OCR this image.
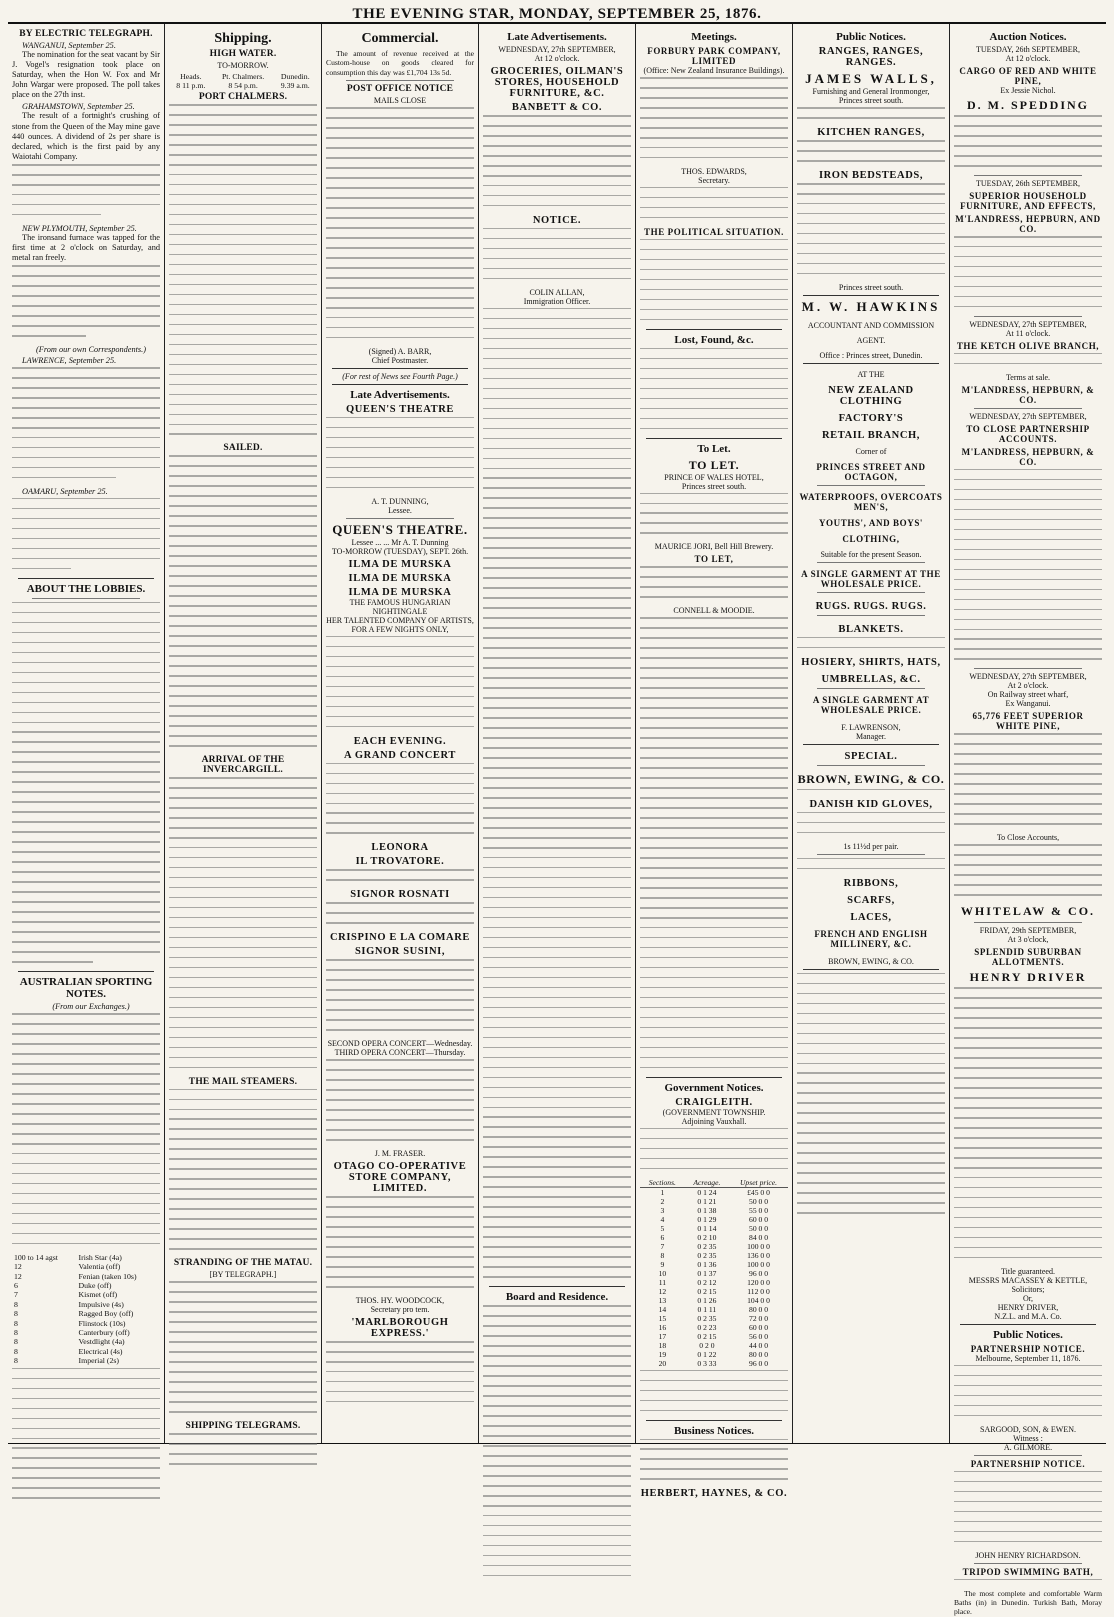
THE EVENING STAR, MONDAY, SEPTEMBER 25, 1876.
BY ELECTRIC TELEGRAPH.
WANGANUI, September 25.
The nomination for the seat vacant by Sir J. Vogel's resignation took place on Saturday, when the Hon W. Fox and Mr John Wargar were proposed. The poll takes place on the 27th inst.
GRAHAMSTOWN, September 25.
The result of a fortnight's crushing of stone from the Queen of the May mine gave 440 ounces. A dividend of 2s per share is declared, which is the first paid by any Waiotahi Company.
NEW PLYMOUTH, September 25.
The ironsand furnace was tapped for the first time at 2 o'clock on Saturday, and metal ran freely.
(From our own Correspondents.)
LAWRENCE, September 25.
OAMARU, September 25.
ABOUT THE LOBBIES.
AUSTRALIAN SPORTING NOTES.
(From our Exchanges.)
100 to 14 agst	Irish Star (4a)
12	Valentia (off)
12	Fenian (taken 10s)
6	Duke (off)
7	Kismet (off)
8	Impulsive (4s)
8	Ragged Boy (off)
8	Flinstock (10s)
8	Canterbury (off)
8	Vestdlight (4a)
8	Electrical (4s)
8	Imperial (2s)
Shipping.
HIGH WATER.
TO-MORROW.
Heads.	Pt. Chalmers.	Dunedin.
8 11 p.m.	8 54 p.m.	9.39 a.m.
PORT CHALMERS.
SAILED.
ARRIVAL OF THE INVERCARGILL.
THE MAIL STEAMERS.
STRANDING OF THE MATAU.
[BY TELEGRAPH.]
SHIPPING TELEGRAMS.
Commercial.
The amount of revenue received at the Custom-house on goods cleared for consumption this day was £1,704 13s 5d.
POST OFFICE NOTICE
MAILS CLOSE
(Signed) A. BARR,
Chief Postmaster.
(For rest of News see Fourth Page.)
Late Advertisements.
QUEEN'S THEATRE
A. T. DUNNING,
Lessee.
QUEEN'S THEATRE.
Lessee ... ... Mr A. T. Dunning
TO-MORROW (TUESDAY), SEPT. 26th.
ILMA DE MURSKA
ILMA DE MURSKA
ILMA DE MURSKA
THE FAMOUS HUNGARIAN NIGHTINGALE
HER TALENTED COMPANY OF ARTISTS,
FOR A FEW NIGHTS ONLY,
EACH EVENING.
A GRAND CONCERT
LEONORA
IL TROVATORE.
SIGNOR ROSNATI
CRISPINO E LA COMARE
SIGNOR SUSINI,
SECOND OPERA CONCERT—Wednesday.
THIRD OPERA CONCERT—Thursday.
J. M. FRASER.
OTAGO CO-OPERATIVE STORE COMPANY, LIMITED.
THOS. HY. WOODCOCK,
Secretary pro tem.
'MARLBOROUGH EXPRESS.'
Late Advertisements.
WEDNESDAY, 27th SEPTEMBER,
At 12 o'clock.
GROCERIES, OILMAN'S STORES, HOUSEHOLD FURNITURE, &C.
BANBETT & CO.
NOTICE.
COLIN ALLAN,
Immigration Officer.
Board and Residence.
Meetings.
FORBURY PARK COMPANY, LIMITED
(Office: New Zealand Insurance Buildings).
THOS. EDWARDS,
Secretary.
THE POLITICAL SITUATION.
Lost, Found, &c.
To Let.
TO LET.
PRINCE OF WALES HOTEL,
Princes street south.
MAURICE JORI, Bell Hill Brewery.
TO LET,
CONNELL & MOODIE.
Government Notices.
CRAIGLEITH.
(GOVERNMENT TOWNSHIP.
Adjoining Vauxhall.
Sections.	Acreage.	Upset price.
1	0 1 24	£45 0 0
2	0 1 21	50 0 0
3	0 1 38	55 0 0
4	0 1 29	60 0 0
5	0 1 14	50 0 0
6	0 2 10	84 0 0
7	0 2 35	100 0 0
8	0 2 35	136 0 0
9	0 1 36	100 0 0
10	0 1 37	96 0 0
11	0 2 12	120 0 0
12	0 2 15	112 0 0
13	0 1 26	104 0 0
14	0 1 11	80 0 0
15	0 2 35	72 0 0
16	0 2 23	60 0 0
17	0 2 15	56 0 0
18	0 2 0	44 0 0
19	0 1 22	80 0 0
20	0 3 33	96 0 0
Business Notices.
HERBERT, HAYNES, & CO.
Public Notices.
RANGES, RANGES, RANGES.
JAMES WALLS,
Furnishing and General Ironmonger,
Princes street south.
KITCHEN RANGES,
IRON BEDSTEADS,
Princes street south.
M. W. HAWKINS
ACCOUNTANT AND COMMISSION
AGENT.
Office : Princes street, Dunedin.
AT THE
NEW ZEALAND CLOTHING
FACTORY'S
RETAIL BRANCH,
Corner of
PRINCES STREET AND OCTAGON,
WATERPROOFS, OVERCOATS MEN'S,
YOUTHS', AND BOYS'
CLOTHING,
Suitable for the present Season.
A SINGLE GARMENT AT THE WHOLESALE PRICE.
RUGS. RUGS. RUGS.
BLANKETS.
HOSIERY, SHIRTS, HATS,
UMBRELLAS, &C.
A SINGLE GARMENT AT WHOLESALE PRICE.
F. LAWRENSON,
Manager.
SPECIAL.
BROWN, EWING, & CO.
DANISH KID GLOVES,
1s 11½d per pair.
RIBBONS,
SCARFS,
LACES,
FRENCH AND ENGLISH MILLINERY, &C.
BROWN, EWING, & CO.
Auction Notices.
TUESDAY, 26th SEPTEMBER,
At 12 o'clock.
CARGO OF RED AND WHITE PINE,
Ex Jessie Nichol.
D. M. SPEDDING
TUESDAY, 26th SEPTEMBER,
SUPERIOR HOUSEHOLD FURNITURE, AND EFFECTS,
M'LANDRESS, HEPBURN, AND CO.
WEDNESDAY, 27th SEPTEMBER,
At 11 o'clock.
THE KETCH OLIVE BRANCH,
Terms at sale.
M'LANDRESS, HEPBURN, & CO.
WEDNESDAY, 27th SEPTEMBER,
TO CLOSE PARTNERSHIP ACCOUNTS.
M'LANDRESS, HEPBURN, & CO.
WEDNESDAY, 27th SEPTEMBER,
At 2 o'clock.
On Railway street wharf,
Ex Wanganui.
65,776 FEET SUPERIOR WHITE PINE,
To Close Accounts,
WHITELAW & CO.
FRIDAY, 29th SEPTEMBER,
At 3 o'clock,
SPLENDID SUBURBAN ALLOTMENTS.
HENRY DRIVER
Title guaranteed.
MESSRS MACASSEY & KETTLE,
Solicitors;
Or,
HENRY DRIVER,
N.Z.L. and M.A. Co.
Public Notices.
PARTNERSHIP NOTICE.
Melbourne, September 11, 1876.
SARGOOD, SON, & EWEN.
Witness :
A. GILMORE.
PARTNERSHIP NOTICE.
JOHN HENRY RICHARDSON.
TRIPOD SWIMMING BATH,
The most complete and comfortable Warm Baths (in) in Dunedin. Turkish Bath, Moray place.
